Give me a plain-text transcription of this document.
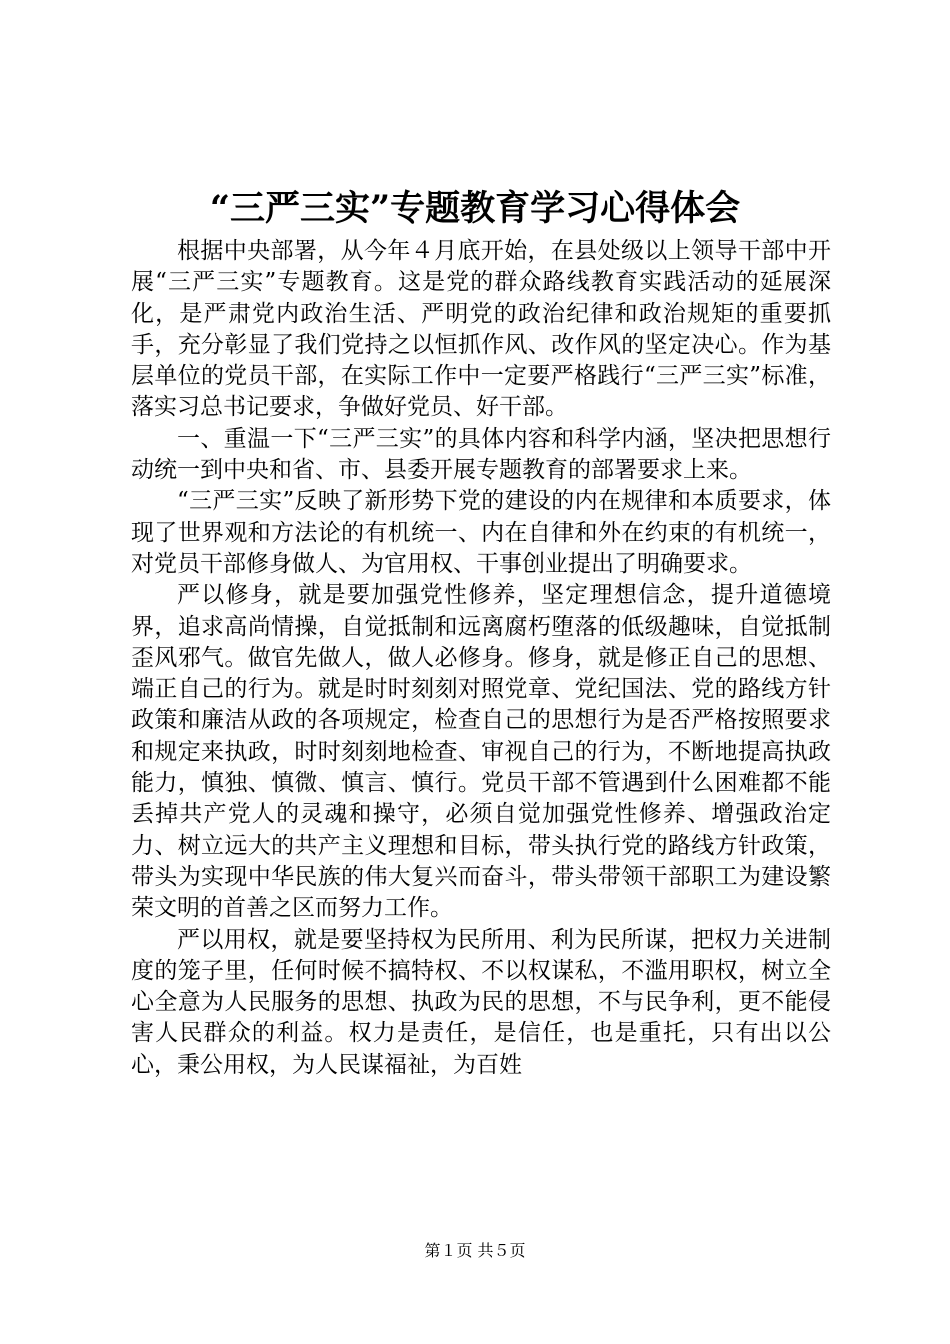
“三严三实”专题教育学习心得体会

根据中央部署，从今年４月底开始，在县处级以上领导干部中开展“三严三实”专题教育。这是党的群众路线教育实践活动的延展深化，是严肃党内政治生活、严明党的政治纪律和政治规矩的重要抓手，充分彰显了我们党持之以恒抓作风、改作风的坚定决心。作为基层单位的党员干部，在实际工作中一定要严格践行“三严三实”标准，落实习总书记要求，争做好党员、好干部。

一、重温一下“三严三实”的具体内容和科学内涵，坚决把思想行动统一到中央和省、市、县委开展专题教育的部署要求上来。

“三严三实”反映了新形势下党的建设的内在规律和本质要求，体现了世界观和方法论的有机统一、内在自律和外在约束的有机统一，对党员干部修身做人、为官用权、干事创业提出了明确要求。

严以修身，就是要加强党性修养，坚定理想信念，提升道德境界，追求高尚情操，自觉抵制和远离腐朽堕落的低级趣味，自觉抵制歪风邪气。做官先做人，做人必修身。修身，就是修正自己的思想、端正自己的行为。就是时时刻刻对照党章、党纪国法、党的路线方针政策和廉洁从政的各项规定，检查自己的思想行为是否严格按照要求和规定来执政，时时刻刻地检查、审视自己的行为，不断地提高执政能力，慎独、慎微、慎言、慎行。党员干部不管遇到什么困难都不能丢掉共产党人的灵魂和操守，必须自觉加强党性修养、增强政治定力、树立远大的共产主义理想和目标，带头执行党的路线方针政策，带头为实现中华民族的伟大复兴而奋斗，带头带领干部职工为建设繁荣文明的首善之区而努力工作。

严以用权，就是要坚持权为民所用、利为民所谋，把权力关进制度的笼子里，任何时候不搞特权、不以权谋私，不滥用职权，树立全心全意为人民服务的思想、执政为民的思想，不与民争利，更不能侵害人民群众的利益。权力是责任，是信任，也是重托，只有出以公心，秉公用权，为人民谋福祉，为百姓

第１页 共５页
